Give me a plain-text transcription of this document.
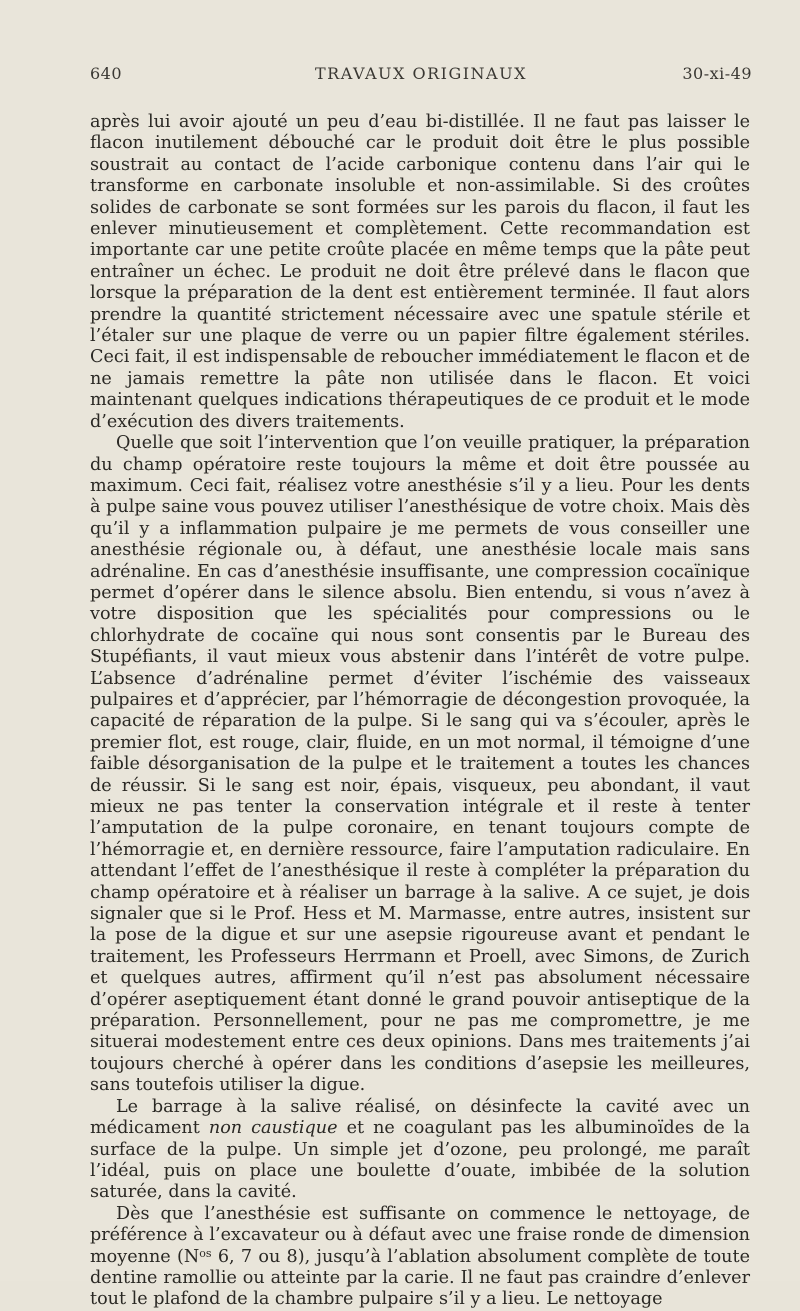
640	TRAVAUX ORIGINAUX	30-xi-49

après lui avoir ajouté un peu d’eau bi-distillée. Il ne faut pas laisser le flacon inutilement débouché car le produit doit être le plus possible soustrait au contact de l’acide carbonique contenu dans l’air qui le transforme en carbonate insoluble et non-assimilable. Si des croûtes solides de carbonate se sont formées sur les parois du flacon, il faut les enlever minutieusement et complètement. Cette recommandation est importante car une petite croûte placée en même temps que la pâte peut entraîner un échec. Le produit ne doit être prélevé dans le flacon que lorsque la préparation de la dent est entièrement terminée. Il faut alors prendre la quantité strictement nécessaire avec une spatule stérile et l’étaler sur une plaque de verre ou un papier filtre également stériles. Ceci fait, il est indispensable de reboucher immédiatement le flacon et de ne jamais remettre la pâte non utilisée dans le flacon. Et voici maintenant quelques indications thérapeutiques de ce produit et le mode d’exécution des divers traitements.

Quelle que soit l’intervention que l’on veuille pratiquer, la préparation du champ opératoire reste toujours la même et doit être poussée au maximum. Ceci fait, réalisez votre anesthésie s’il y a lieu. Pour les dents à pulpe saine vous pouvez utiliser l’anesthésique de votre choix. Mais dès qu’il y a inflammation pulpaire je me permets de vous conseiller une anesthésie régionale ou, à défaut, une anesthésie locale mais sans adrénaline. En cas d’anesthésie insuffisante, une compression cocaïnique permet d’opérer dans le silence absolu. Bien entendu, si vous n’avez à votre disposition que les spécialités pour compressions ou le chlorhydrate de cocaïne qui nous sont consentis par le Bureau des Stupéfiants, il vaut mieux vous abstenir dans l’intérêt de votre pulpe. L’absence d’adrénaline permet d’éviter l’ischémie des vaisseaux pulpaires et d’apprécier, par l’hémorragie de décongestion provoquée, la capacité de réparation de la pulpe. Si le sang qui va s’écouler, après le premier flot, est rouge, clair, fluide, en un mot normal, il témoigne d’une faible désorganisation de la pulpe et le traitement a toutes les chances de réussir. Si le sang est noir, épais, visqueux, peu abondant, il vaut mieux ne pas tenter la conservation intégrale et il reste à tenter l’amputation de la pulpe coronaire, en tenant toujours compte de l’hémorragie et, en dernière ressource, faire l’amputation radiculaire. En attendant l’effet de l’anesthésique il reste à compléter la préparation du champ opératoire et à réaliser un barrage à la salive. A ce sujet, je dois signaler que si le Prof. Hess et M. Marmasse, entre autres, insistent sur la pose de la digue et sur une asepsie rigoureuse avant et pendant le traitement, les Professeurs Herrmann et Proell, avec Simons, de Zurich et quelques autres, affirment qu’il n’est pas absolument nécessaire d’opérer aseptiquement étant donné le grand pouvoir antiseptique de la préparation. Personnellement, pour ne pas me compromettre, je me situerai modestement entre ces deux opinions. Dans mes traitements j’ai toujours cherché à opérer dans les conditions d’asepsie les meilleures, sans toutefois utiliser la digue.

Le barrage à la salive réalisé, on désinfecte la cavité avec un médicament non caustique et ne coagulant pas les albuminoïdes de la surface de la pulpe. Un simple jet d’ozone, peu prolongé, me paraît l’idéal, puis on place une boulette d’ouate, imbibée de la solution saturée, dans la cavité.

Dès que l’anesthésie est suffisante on commence le nettoyage, de préférence à l’excavateur ou à défaut avec une fraise ronde de dimension moyenne ($N^{os}$ 6, 7 ou 8), jusqu’à l’ablation absolument complète de toute dentine ramollie ou atteinte par la carie. Il ne faut pas craindre d’enlever tout le plafond de la chambre pulpaire s’il y a lieu. Le nettoyage
